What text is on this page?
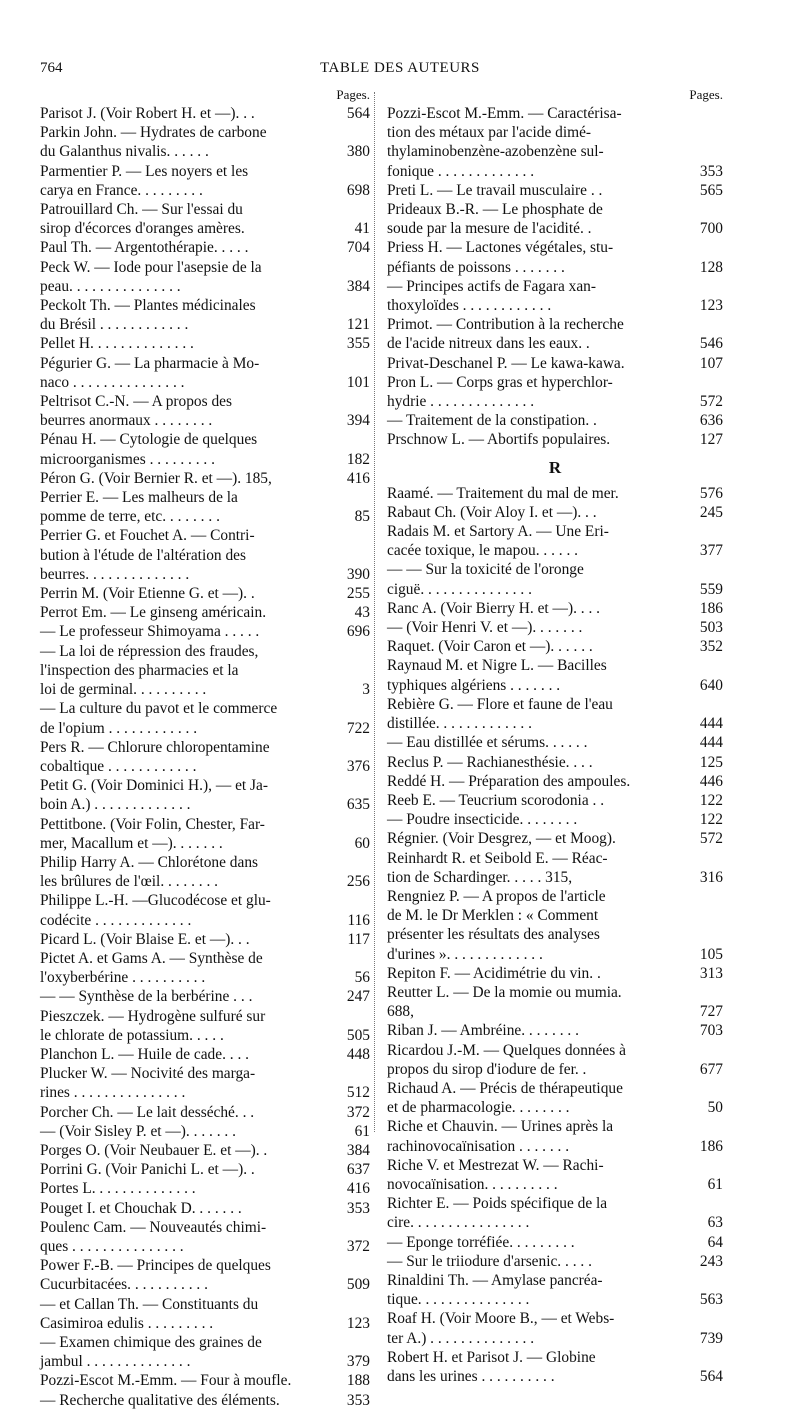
764	TABLE DES AUTEURS
Pages.
Parisot J. (Voir Robert H. et —). . .	564
Parkin John. — Hydrates de carbone
du Galanthus nivalis. . . . . .	380
Parmentier P. — Les noyers et les
carya en France. . . . . . . . .	698
Patrouillard Ch. — Sur l'essai du
sirop d'écorces d'oranges amères.	41
Paul Th. — Argentothérapie. . . . .	704
Peck W. — Iode pour l'asepsie de la
peau. . . . . . . . . . . . . . .	384
Peckolt Th. — Plantes médicinales
du Brésil . . . . . . . . . . . .	121
Pellet H. . . . . . . . . . . . . .	355
Pégurier G. — La pharmacie à Mo-
naco . . . . . . . . . . . . . . .	101
Peltrisot C.-N. — A propos des
beurres anormaux . . . . . . . .	394
Pénau H. — Cytologie de quelques
microorganismes . . . . . . . . .	182
Péron G. (Voir Bernier R. et —). 185,	416
Perrier E. — Les malheurs de la
pomme de terre, etc. . . . . . . .	85
Perrier G. et Fouchet A. — Contri-
bution à l'étude de l'altération des
beurres. . . . . . . . . . . . . .	390
Perrin M. (Voir Etienne G. et —). .	255
Perrot Em. — Le ginseng américain.	43
— Le professeur Shimoyama . . . . .	696
— La loi de répression des fraudes,
l'inspection des pharmacies et la
loi de germinal. . . . . . . . . .	3
— La culture du pavot et le commerce
de l'opium . . . . . . . . . . . .	722
Pers R. — Chlorure chloropentamine
cobaltique . . . . . . . . . . . .	376
Petit G. (Voir Dominici H.), — et Ja-
boin A.) . . . . . . . . . . . . .	635
Pettitbone. (Voir Folin, Chester, Far-
mer, Macallum et —). . . . . . .	60
Philip Harry A. — Chlorétone dans
les brûlures de l'œil. . . . . . . .	256
Philippe L.-H. —Glucodécose et glu-
codécite . . . . . . . . . . . . .	116
Picard L. (Voir Blaise E. et —). . .	117
Pictet A. et Gams A. — Synthèse de
l'oxyberbérine . . . . . . . . . .	56
— — Synthèse de la berbérine . . .	247
Pieszczek. — Hydrogène sulfuré sur
le chlorate de potassium. . . . .	505
Planchon L. — Huile de cade. . . .	448
Plucker W. — Nocivité des marga-
rines . . . . . . . . . . . . . . .	512
Porcher Ch. — Le lait desséché. . .	372
— (Voir Sisley P. et —). . . . . . .	61
Porges O. (Voir Neubauer E. et —). .	384
Porrini G. (Voir Panichi L. et —). .	637
Portes L. . . . . . . . . . . . . .	416
Pouget I. et Chouchak D. . . . . . .	353
Poulenc Cam. — Nouveautés chimi-
ques . . . . . . . . . . . . . . .	372
Power F.-B. — Principes de quelques
Cucurbitacées. . . . . . . . . . .	509
— et Callan Th. — Constituants du
Casimiroa edulis . . . . . . . . .	123
— Examen chimique des graines de
jambul . . . . . . . . . . . . . .	379
Pozzi-Escot M.-Emm. — Four à moufle.	188
— Recherche qualitative des éléments.	353
Pages.
Pozzi-Escot M.-Emm. — Caractérisa-
tion des métaux par l'acide dimé-
thylaminobenzène-azobenzène sul-
fonique . . . . . . . . . . . . .	353
Preti L. — Le travail musculaire . .	565
Prideaux B.-R. — Le phosphate de
soude par la mesure de l'acidité. .	700
Priess H. — Lactones végétales, stu-
péfiants de poissons . . . . . . .	128
— Principes actifs de Fagara xan-
thoxyloïdes . . . . . . . . . . . .	123
Primot. — Contribution à la recherche
de l'acide nitreux dans les eaux. .	546
Privat-Deschanel P. — Le kawa-kawa.	107
Pron L. — Corps gras et hyperchlor-
hydrie . . . . . . . . . . . . . .	572
— Traitement de la constipation. .	636
Prschnow L. — Abortifs populaires.	127
R
Raamé. — Traitement du mal de mer.	576
Rabaut Ch. (Voir Aloy I. et —). . .	245
Radais M. et Sartory A. — Une Eri-
cacée toxique, le mapou. . . . . .	377
— — Sur la toxicité de l'oronge
ciguë. . . . . . . . . . . . . . .	559
Ranc A. (Voir Bierry H. et —). . . .	186
— (Voir Henri V. et —). . . . . . .	503
Raquet. (Voir Caron et —). . . . . .	352
Raynaud M. et Nigre L. — Bacilles
typhiques algériens . . . . . . .	640
Rebière G. — Flore et faune de l'eau
distillée. . . . . . . . . . . . .	444
— Eau distillée et sérums. . . . . .	444
Reclus P. — Rachianesthésie. . . .	125
Reddé H. — Préparation des ampoules.	446
Reeb E. — Teucrium scorodonia . .	122
— Poudre insecticide. . . . . . . .	122
Régnier. (Voir Desgrez, — et Moog).	572
Reinhardt R. et Seibold E. — Réac-
tion de Schardinger. . . . . 315,	316
Rengniez P. — A propos de l'article
de M. le Dr Merklen : « Comment
présenter les résultats des analyses
d'urines ». . . . . . . . . . . . .	105
Repiton F. — Acidimétrie du vin. .	313
Reutter L. — De la momie ou mumia.
688,	727
Riban J. — Ambréine. . . . . . . .	703
Ricardou J.-M. — Quelques données à
propos du sirop d'iodure de fer. .	677
Richaud A. — Précis de thérapeutique
et de pharmacologie. . . . . . . .	50
Riche et Chauvin. — Urines après la
rachinovocaïnisation . . . . . . .	186
Riche V. et Mestrezat W. — Rachi-
novocaïnisation. . . . . . . . . .	61
Richter E. — Poids spécifique de la
cire. . . . . . . . . . . . . . . .	63
— Eponge torréfiée. . . . . . . . .	64
— Sur le triiodure d'arsenic. . . . .	243
Rinaldini Th. — Amylase pancréa-
tique. . . . . . . . . . . . . . .	563
Roaf H. (Voir Moore B., — et Webs-
ter A.) . . . . . . . . . . . . . .	739
Robert H. et Parisot J. — Globine
dans les urines . . . . . . . . . .	564
